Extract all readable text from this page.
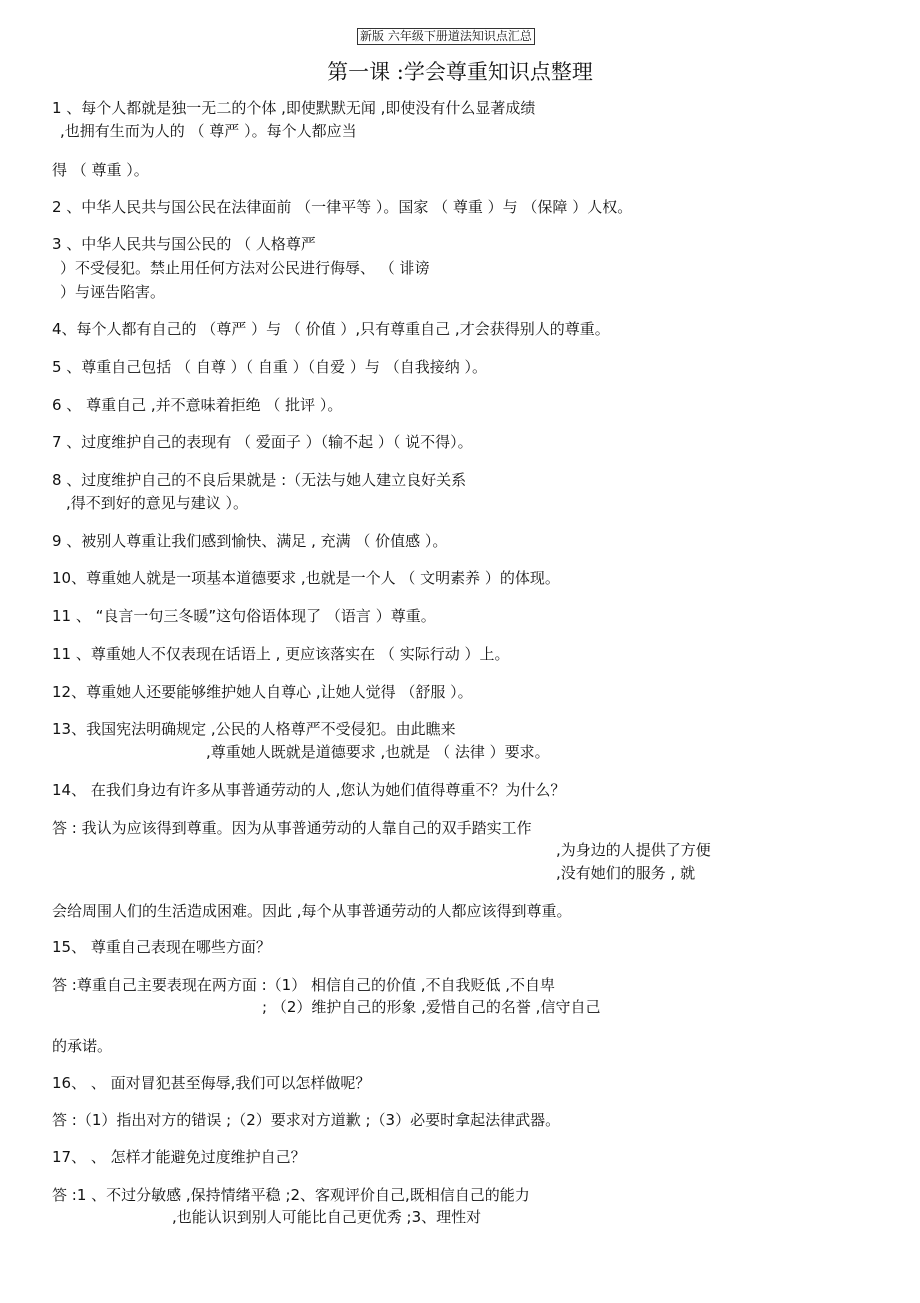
新版 六年级下册道法知识点汇总
第一课 :学会尊重知识点整理
1 、每个人都就是独一无二的个体 ,即使默默无闻 ,即使没有什么显著成绩
,也拥有生而为人的 （ 尊严 ）。每个人都应当
得 （ 尊重 ）。
2 、中华人民共与国公民在法律面前 （一律平等 ）。国家 （ 尊重 ）与 （保障 ）人权。
3 、中华人民共与国公民的 （ 人格尊严
）不受侵犯。禁止用任何方法对公民进行侮辱、 （ 诽谤
）与诬告陷害。
4、每个人都有自己的 （尊严 ）与 （ 价值 ）,只有尊重自己 ,才会获得别人的尊重。
5 、尊重自己包括 （ 自尊 ）（ 自重 ）（自爱 ）与 （自我接纳 ）。
6 、 尊重自己 ,并不意味着拒绝 （ 批评 ）。
7 、过度维护自己的表现有 （ 爱面子 ）（输不起 ）（ 说不得）。
8 、过度维护自己的不良后果就是 :（无法与她人建立良好关系
,得不到好的意见与建议 ）。
9 、被别人尊重让我们感到愉快、满足 , 充满 （ 价值感 ）。
10、尊重她人就是一项基本道德要求 ,也就是一个人 （ 文明素养 ）的体现。
11 、 “良言一句三冬暖”这句俗语体现了 （语言 ）尊重。
11 、尊重她人不仅表现在话语上 , 更应该落实在 （ 实际行动 ）上。
12、尊重她人还要能够维护她人自尊心 ,让她人觉得 （舒服 ）。
13、我国宪法明确规定 ,公民的人格尊严不受侵犯。由此瞧来
,尊重她人既就是道德要求 ,也就是 （ 法律 ）要求。
14、 在我们身边有许多从事普通劳动的人 ,您认为她们值得尊重不？为什么？
答 : 我认为应该得到尊重。因为从事普通劳动的人靠自己的双手踏实工作
,为身边的人提供了方便
,没有她们的服务 , 就
会给周围人们的生活造成困难。因此 ,每个从事普通劳动的人都应该得到尊重。
15、 尊重自己表现在哪些方面？
答 :尊重自己主要表现在两方面 :（1） 相信自己的价值 ,不自我贬低 ,不自卑
; （2）维护自己的形象 ,爱惜自己的名誉 ,信守自己
的承诺。
16、 、 面对冒犯甚至侮辱,我们可以怎样做呢？
答 :（1）指出对方的错误 ;（2）要求对方道歉 ;（3）必要时拿起法律武器。
17、 、 怎样才能避免过度维护自己？
答 :1 、不过分敏感 ,保持情绪平稳 ;2、客观评价自己,既相信自己的能力
,也能认识到别人可能比自己更优秀 ;3、理性对
